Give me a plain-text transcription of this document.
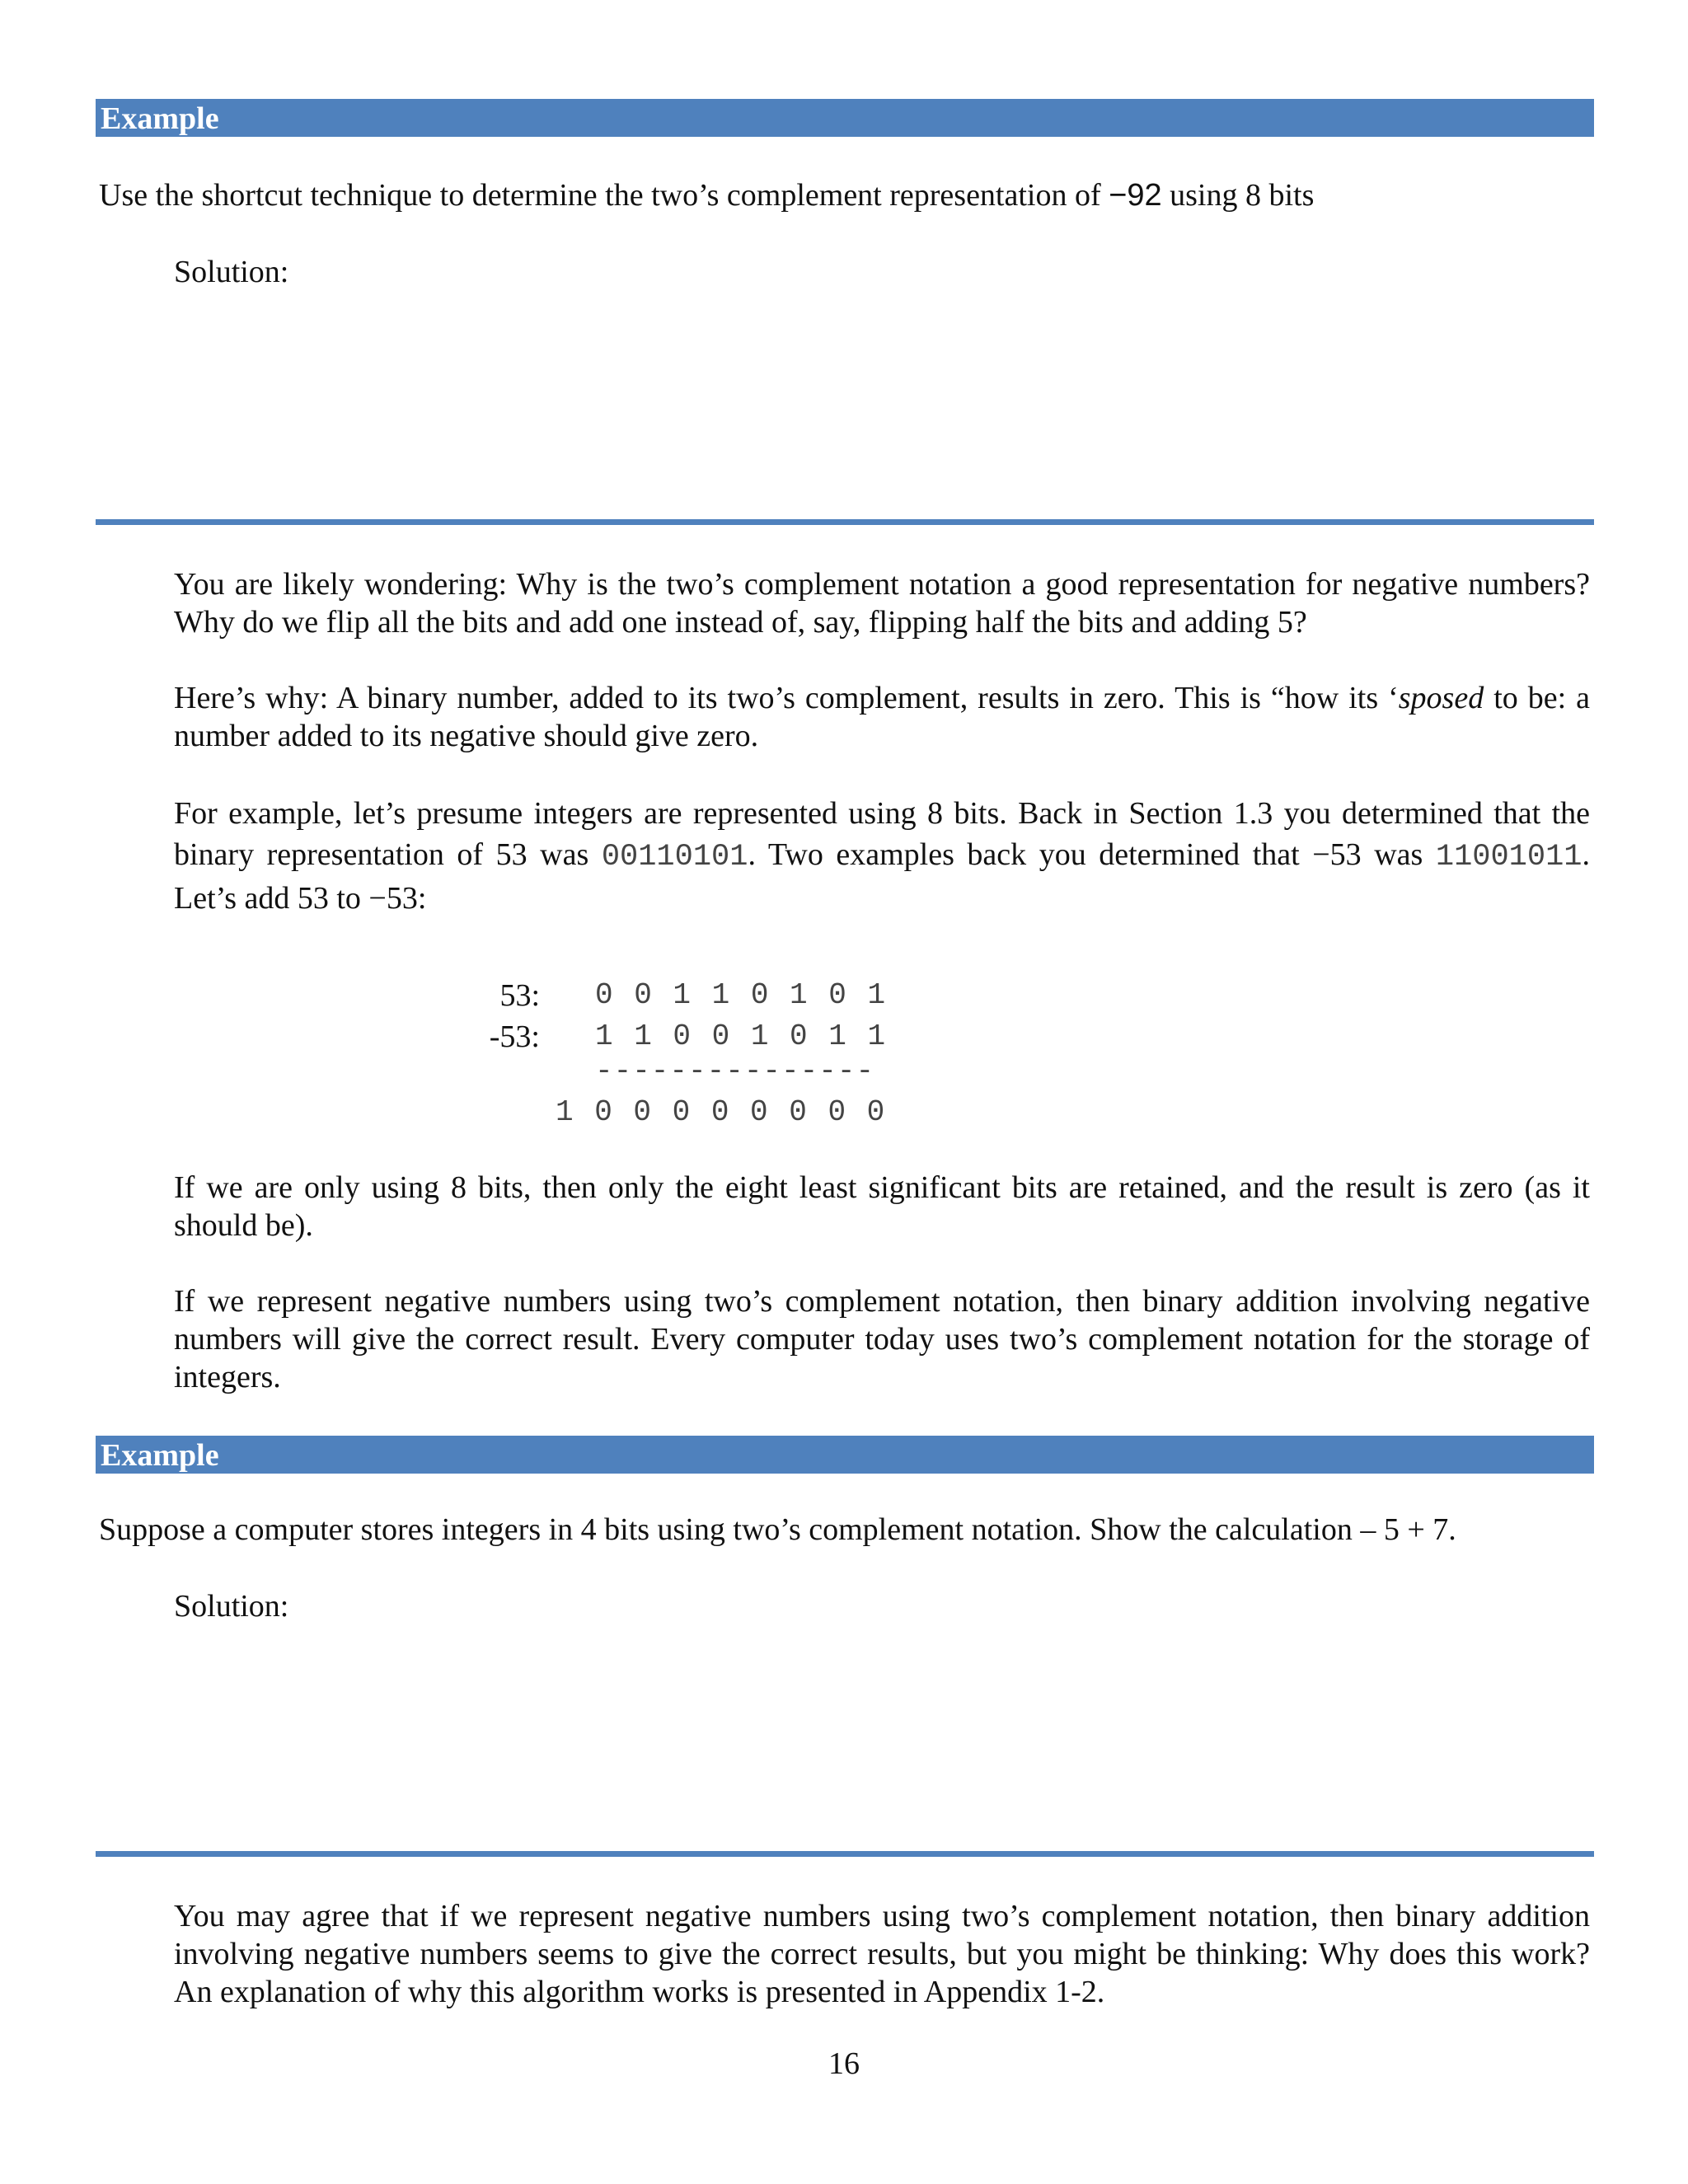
Example
Use the shortcut technique to determine the two’s complement representation of −92 using 8 bits
Solution:
You are likely wondering: Why is the two’s complement notation a good representation for negative numbers? Why do we flip all the bits and add one instead of, say, flipping half the bits and adding 5?
Here’s why: A binary number, added to its two’s complement, results in zero. This is “how its ‘sposed to be: a number added to its negative should give zero.
For example, let’s presume integers are represented using 8 bits. Back in Section 1.3 you determined that the binary representation of 53 was 00110101. Two examples back you determined that −53 was 11001011. Let’s add 53 to −53:
53: 0 0 1 1 0 1 0 1
-53: 1 1 0 0 1 0 1 1
---------------
1 0 0 0 0 0 0 0 0
If we are only using 8 bits, then only the eight least significant bits are retained, and the result is zero (as it should be).
If we represent negative numbers using two’s complement notation, then binary addition involving negative numbers will give the correct result. Every computer today uses two’s complement notation for the storage of integers.
Example
Suppose a computer stores integers in 4 bits using two’s complement notation. Show the calculation – 5 + 7.
Solution:
You may agree that if we represent negative numbers using two’s complement notation, then binary addition involving negative numbers seems to give the correct results, but you might be thinking: Why does this work? An explanation of why this algorithm works is presented in Appendix 1-2.
16
